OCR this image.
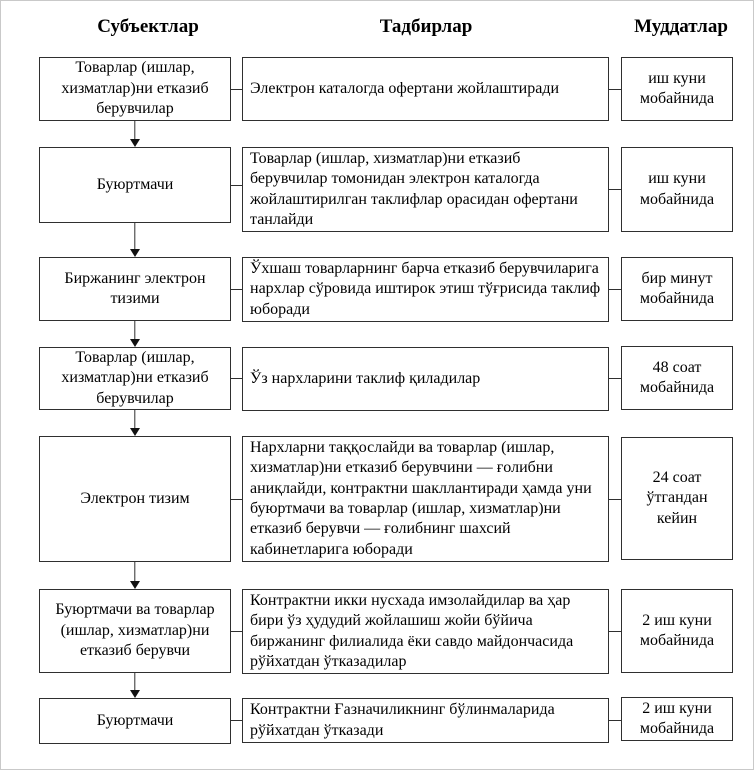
Субъектлар	Тадбирлар	Муддатлар
Товарлар (ишлар, хизматлар)ни етказиб берувчилар
Электрон каталогда офертани жойлаштиради
иш куни мобайнида
Буюртмачи
Товарлар (ишлар, хизматлар)ни етказиб берувчилар томонидан электрон каталогда жойлаштирилган таклифлар орасидан офертани танлайди
иш куни мобайнида
Биржанинг электрон тизими
Ўхшаш товарларнинг барча етказиб берувчиларига нархлар сўровида иштирок этиш тўғрисида таклиф юборади
бир минут мобайнида
Товарлар (ишлар, хизматлар)ни етказиб берувчилар
Ўз нархларини таклиф қиладилар
48 соат мобайнида
Электрон тизим
Нархларни таққослайди ва товарлар (ишлар, хизматлар)ни етказиб берувчини — ғолибни аниқлайди, контрактни шакллантиради ҳамда уни буюртмачи ва товарлар (ишлар, хизматлар)ни етказиб берувчи — ғолибнинг шахсий кабинетларига юборади
24 соат ўтгандан кейин
Буюртмачи ва товарлар (ишлар, хизматлар)ни етказиб берувчи
Контрактни икки нусхада имзолайдилар ва ҳар бири ўз ҳудудий жойлашиш жойи бўйича биржанинг филиалида ёки савдо майдончасида рўйхатдан ўтказадилар
2 иш куни мобайнида
Буюртмачи
Контрактни Ғазначиликнинг бўлинмаларида рўйхатдан ўтказади
2 иш куни мобайнида
